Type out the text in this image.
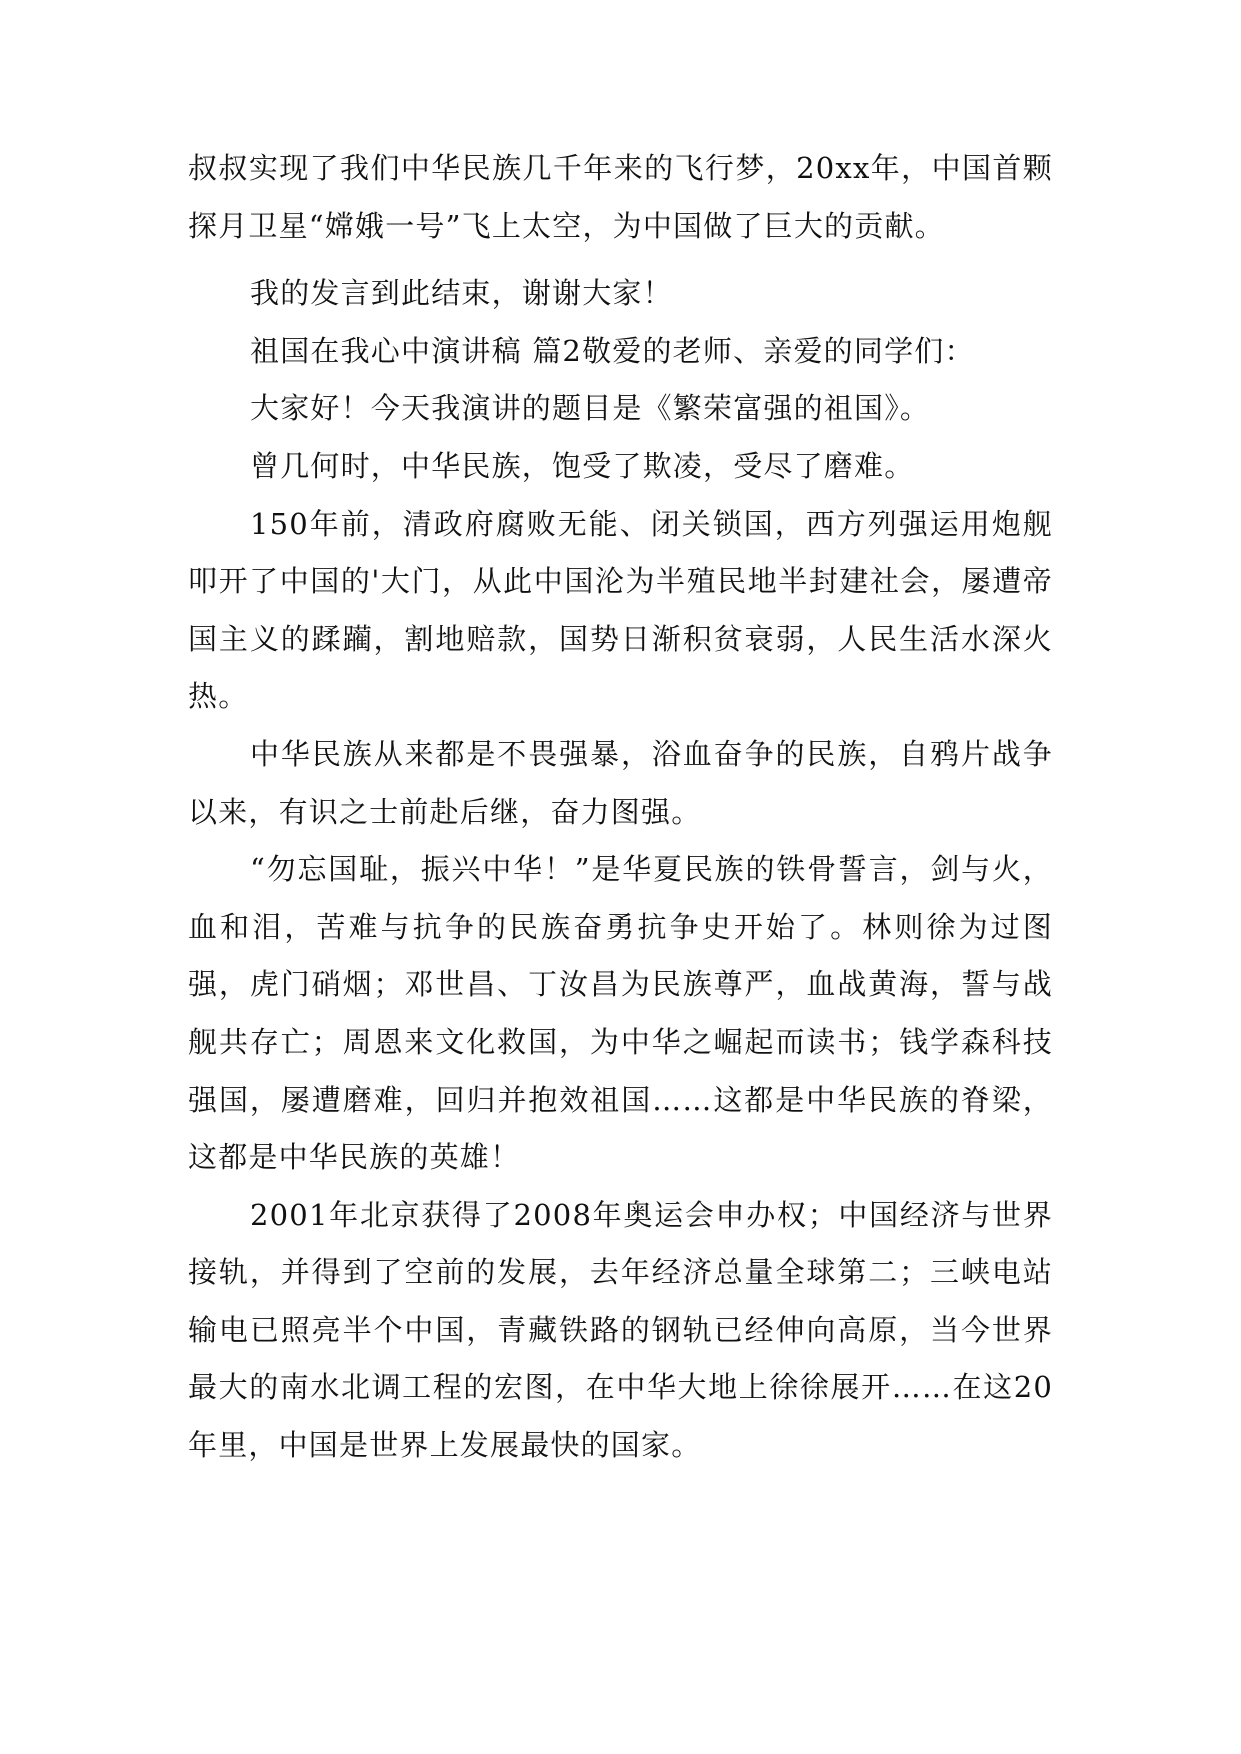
叔叔实现了我们中华民族几千年来的飞行梦，20xx年，中国首颗探月卫星“嫦娥一号”飞上太空，为中国做了巨大的贡献。

我的发言到此结束，谢谢大家！

祖国在我心中演讲稿 篇2敬爱的老师、亲爱的同学们：

大家好！今天我演讲的题目是《繁荣富强的祖国》。

曾几何时，中华民族，饱受了欺凌，受尽了磨难。

150年前，清政府腐败无能、闭关锁国，西方列强运用炮舰叩开了中国的'大门，从此中国沦为半殖民地半封建社会，屡遭帝国主义的蹂躏，割地赔款，国势日渐积贫衰弱，人民生活水深火热。

中华民族从来都是不畏强暴，浴血奋争的民族，自鸦片战争以来，有识之士前赴后继，奋力图强。

“勿忘国耻，振兴中华！”是华夏民族的铁骨誓言，剑与火，血和泪，苦难与抗争的民族奋勇抗争史开始了。林则徐为过图强，虎门硝烟；邓世昌、丁汝昌为民族尊严，血战黄海，誓与战舰共存亡；周恩来文化救国，为中华之崛起而读书；钱学森科技强国，屡遭磨难，回归并抱效祖国……这都是中华民族的脊梁，这都是中华民族的英雄！

2001年北京获得了2008年奥运会申办权；中国经济与世界接轨，并得到了空前的发展，去年经济总量全球第二；三峡电站输电已照亮半个中国，青藏铁路的钢轨已经伸向高原，当今世界最大的南水北调工程的宏图，在中华大地上徐徐展开……在这20年里，中国是世界上发展最快的国家。
